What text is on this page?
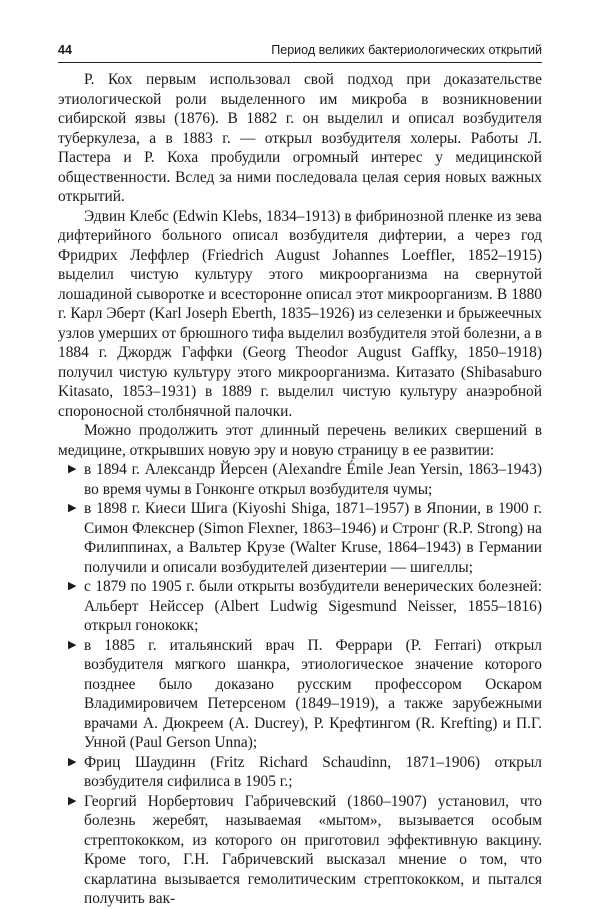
44	Период великих бактериологических открытий

Р. Кох первым использовал свой подход при доказательстве этиологической роли выделенного им микроба в возникновении сибирской язвы (1876). В 1882 г. он выделил и описал возбудителя туберкулеза, а в 1883 г. — открыл возбудителя холеры. Работы Л. Пастера и Р. Коха пробудили огромный интерес у медицинской общественности. Вслед за ними последовала целая серия новых важных открытий.

Эдвин Клебс (Edwin Klebs, 1834–1913) в фибринозной пленке из зева дифтерийного больного описал возбудителя дифтерии, а через год Фридрих Леффлер (Friedrich August Johannes Loeffler, 1852–1915) выделил чистую культуру этого микроорганизма на свернутой лошадиной сыворотке и всесторонне описал этот микроорганизм. В 1880 г. Карл Эберт (Karl Joseph Eberth, 1835–1926) из селезенки и брыжеечных узлов умерших от брюшного тифа выделил возбудителя этой болезни, а в 1884 г. Джордж Гаффки (Georg Theodor August Gaffky, 1850–1918) получил чистую культуру этого микроорганизма. Китазато (Shibasaburo Kitasato, 1853–1931) в 1889 г. выделил чистую культуру анаэробной спороносной столбнячной палочки.

Можно продолжить этот длинный перечень великих свершений в медицине, открывших новую эру и новую страницу в ее развитии:

▶ в 1894 г. Александр Йерсен (Alexandre Émile Jean Yersin, 1863–1943) во время чумы в Гонконге открыл возбудителя чумы;
▶ в 1898 г. Киеси Шига (Kiyoshi Shiga, 1871–1957) в Японии, в 1900 г. Симон Флекснер (Simon Flexner, 1863–1946) и Стронг (R.P. Strong) на Филиппинах, а Вальтер Крузе (Walter Kruse, 1864–1943) в Германии получили и описали возбудителей дизентерии — шигеллы;
▶ с 1879 по 1905 г. были открыты возбудители венерических болезней: Альберт Нейссер (Albert Ludwig Sigesmund Neisser, 1855–1816) открыл гонококк;
▶ в 1885 г. итальянский врач П. Феррари (P. Ferrari) открыл возбудителя мягкого шанкра, этиологическое значение которого позднее было доказано русским профессором Оскаром Владимировичем Петерсеном (1849–1919), а также зарубежными врачами А. Дюкреем (A. Ducrey), Р. Крефтингом (R. Krefting) и П.Г. Унной (Paul Gerson Unna);
▶ Фриц Шаудинн (Fritz Richard Schaudinn, 1871–1906) открыл возбудителя сифилиса в 1905 г.;
▶ Георгий Норбертович Габричевский (1860–1907) установил, что болезнь жеребят, называемая «мытом», вызывается особым стрептококком, из которого он приготовил эффективную вакцину. Кроме того, Г.Н. Габричевский высказал мнение о том, что скарлатина вызывается гемолитическим стрептококком, и пытался получить вак-
